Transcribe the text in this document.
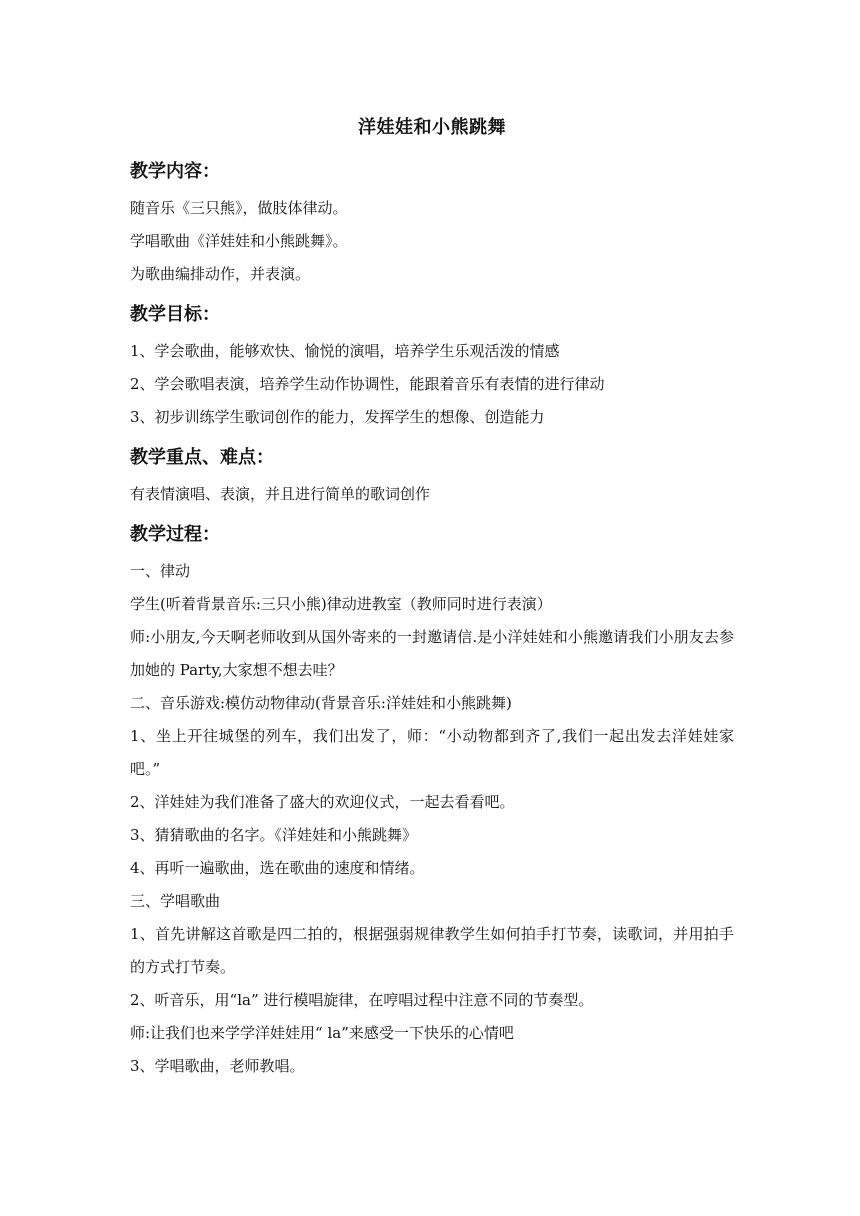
洋娃娃和小熊跳舞
教学内容：

随音乐《三只熊》，做肢体律动。

学唱歌曲《洋娃娃和小熊跳舞》。

为歌曲编排动作，并表演。

教学目标：

1、学会歌曲，能够欢快、愉悦的演唱，培养学生乐观活泼的情感

2、学会歌唱表演，培养学生动作协调性，能跟着音乐有表情的进行律动

3、初步训练学生歌词创作的能力，发挥学生的想像、创造能力

教学重点、难点：

有表情演唱、表演，并且进行简单的歌词创作

教学过程：

一、律动

学生(听着背景音乐:三只小熊)律动进教室（教师同时进行表演）

师:小朋友,今天啊老师收到从国外寄来的一封邀请信.是小洋娃娃和小熊邀请我们小朋友去参加她的 Party,大家想不想去哇？

二、音乐游戏:模仿动物律动(背景音乐:洋娃娃和小熊跳舞)

1、坐上开往城堡的列车，我们出发了，师：“小动物都到齐了,我们一起出发去洋娃娃家吧。”

2、洋娃娃为我们准备了盛大的欢迎仪式，一起去看看吧。

3、猜猜歌曲的名字。《洋娃娃和小熊跳舞》

4、再听一遍歌曲，选在歌曲的速度和情绪。

三、学唱歌曲

1、首先讲解这首歌是四二拍的，根据强弱规律教学生如何拍手打节奏，读歌词，并用拍手的方式打节奏。

2、听音乐，用“la” 进行模唱旋律，在哼唱过程中注意不同的节奏型。

师:让我们也来学学洋娃娃用“ la”来感受一下快乐的心情吧

3、学唱歌曲，老师教唱。
